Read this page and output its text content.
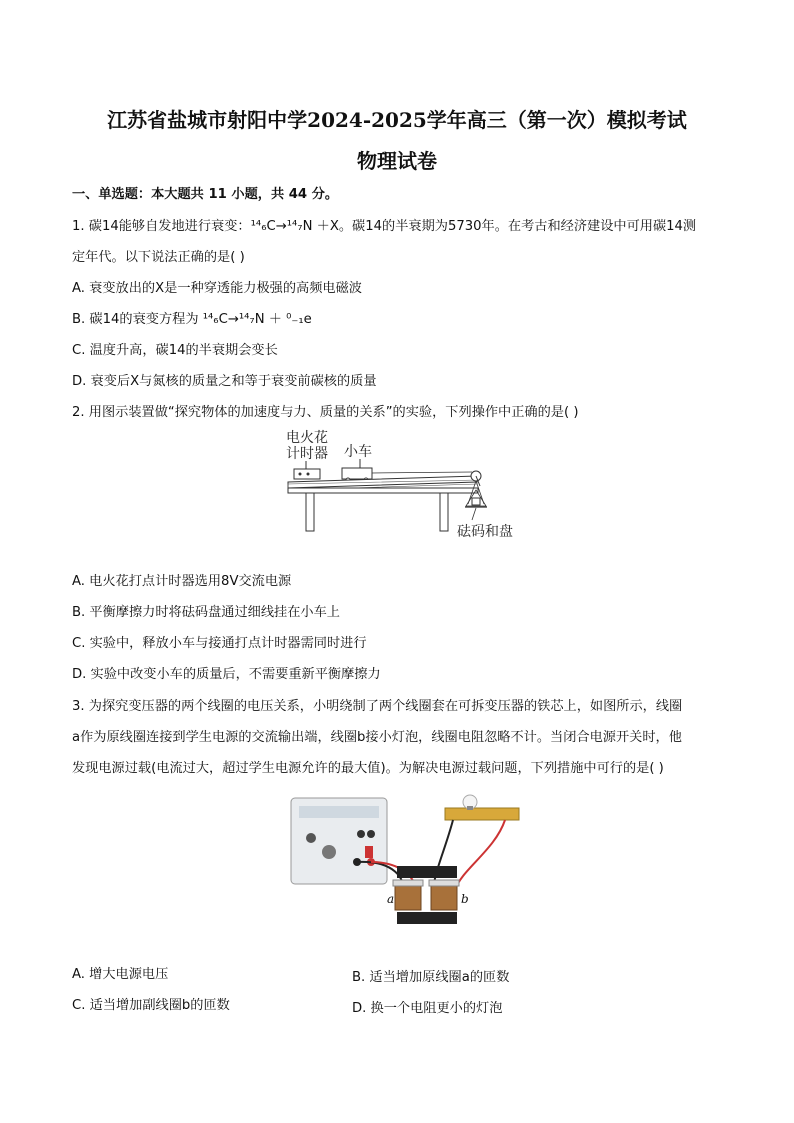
江苏省盐城市射阳中学2024-2025学年高三（第一次）模拟考试
物理试卷
一、单选题：本大题共 11 小题，共 44 分。
1. 碳14能够自发地进行衰变：¹⁴₆C→¹⁴₇N ＋X。碳14的半衰期为5730年。在考古和经济建设中可用碳14测
定年代。以下说法正确的是( )
A. 衰变放出的X是一种穿透能力极强的高频电磁波
B. 碳14的衰变方程为 ¹⁴₆C→¹⁴₇N ＋ ⁰₋₁e
C. 温度升高，碳14的半衰期会变长
D. 衰变后X与氮核的质量之和等于衰变前碳核的质量
2. 用图示装置做“探究物体的加速度与力、质量的关系”的实验，下列操作中正确的是( )
电火花
计时器 小车
砝码和盘
A. 电火花打点计时器选用8V交流电源
B. 平衡摩擦力时将砝码盘通过细线挂在小车上
C. 实验中，释放小车与接通打点计时器需同时进行
D. 实验中改变小车的质量后，不需要重新平衡摩擦力
3. 为探究变压器的两个线圈的电压关系，小明绕制了两个线圈套在可拆变压器的铁芯上，如图所示，线圈
a作为原线圈连接到学生电源的交流输出端，线圈b接小灯泡，线圈电阻忽略不计。当闭合电源开关时，他
发现电源过载(电流过大，超过学生电源允许的最大值)。为解决电源过载问题，下列措施中可行的是( )
a	b
A. 增大电源电压	B. 适当增加原线圈a的匝数
C. 适当增加副线圈b的匝数	D. 换一个电阻更小的灯泡
